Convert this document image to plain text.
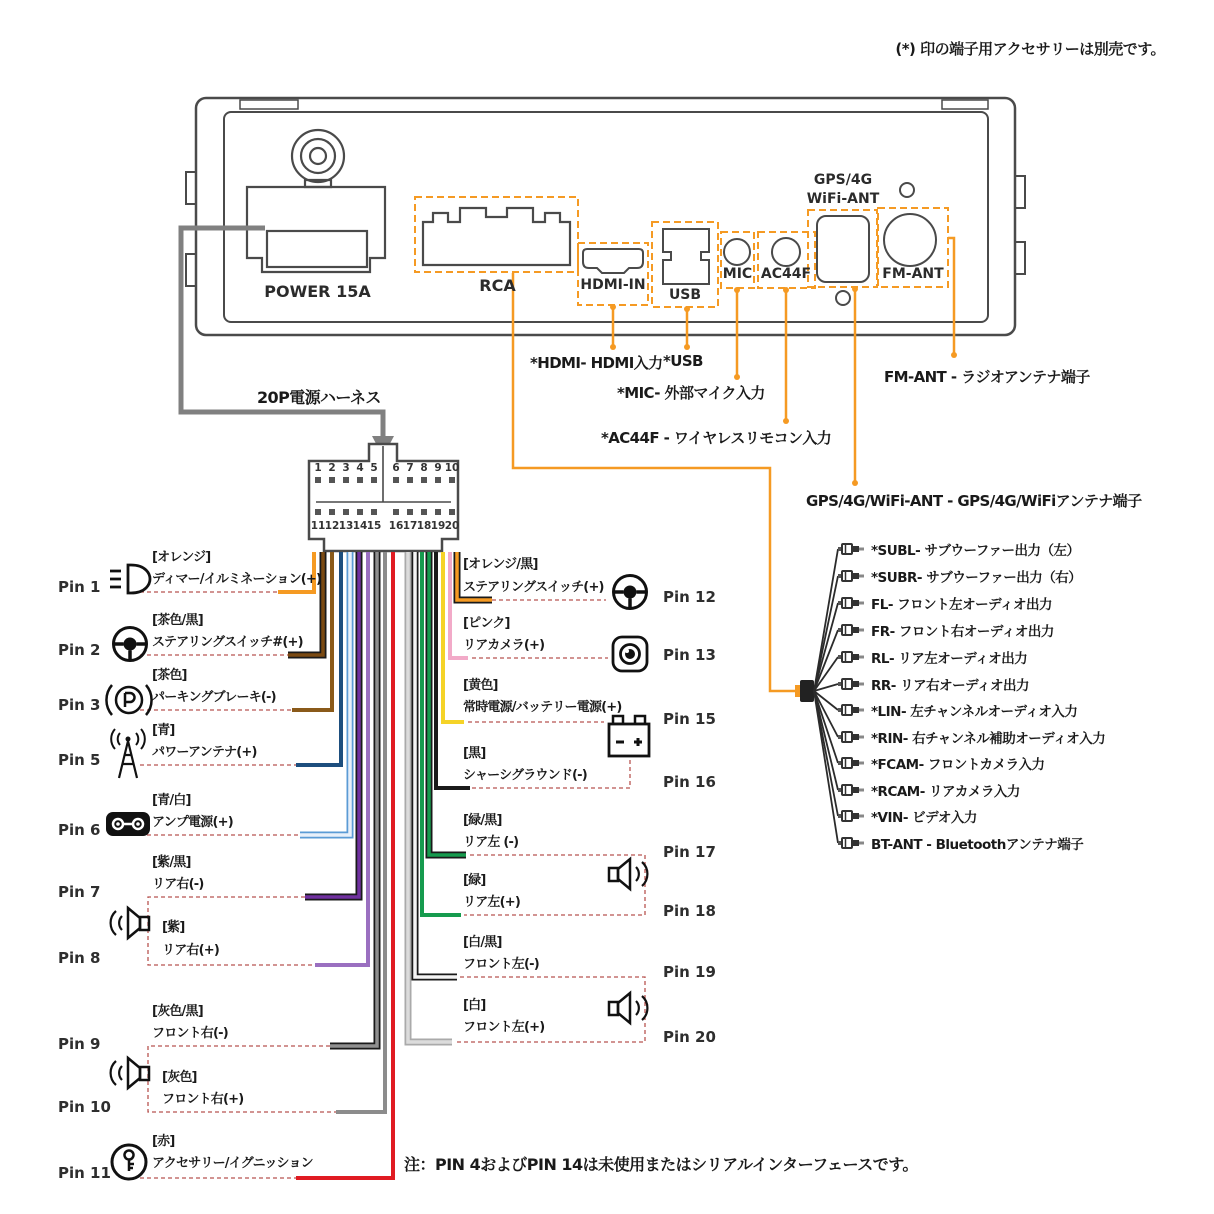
(*) 印の端子用アクセサリーは別売です。
注：PIN 4およびPIN 14は未使用またはシリアルインターフェースです。
POWER 15A	RCA	HDMI-IN
USB
MIC AC44F
GPS/4G
WiFi-ANT
FM-ANT
*HDMI- HDMI入力 *USB
*MIC- 外部マイク入力
*AC44F - ワイヤレスリモコン入力
FM-ANT - ラジオアンテナ端子
GPS/4G/WiFi-ANT - GPS/4G/WiFiアンテナ端子
20P電源ハーネス
1
11
2
12
3
13
4
14
5
15
6
16
7
17
8
18
9
19
10
20
Pin 1
[オレンジ]
ディマー/イルミネーション(+)
Pin 2
[茶色/黒]
ステアリングスイッチ#(+)
Pin 3
[茶色]
パーキングブレーキ(-)
Pin 5
[青]
パワーアンテナ(+)
Pin 6
[青/白]
アンプ電源(+)
Pin 7
[紫/黒]
リア右(-)
Pin 8
[紫]
リア右(+)
Pin 9
[灰色/黒]
フロント右(-)
Pin 10
[灰色]
フロント右(+)
Pin 11
[赤]
アクセサリー/イグニッション
[オレンジ/黒]
ステアリングスイッチ(+)
Pin 12
[ピンク]
リアカメラ(+)
Pin 13
[黄色]
常時電源/バッテリー電源(+)
Pin 15
[黒]
シャーシグラウンド(-)	Pin 16
[緑/黒]
リア左 (-)
Pin 17
[緑]
リア左(+)	Pin 18
[白/黒]
フロント左(-)	Pin 19
[白]
フロント左(+)
Pin 20
*SUBL- サブウーファー出力（左）
*SUBR- サブウーファー出力（右）
FL- フロント左オーディオ出力
FR- フロント右オーディオ出力
RL- リア左オーディオ出力
RR- リア右オーディオ出力
*LIN- 左チャンネルオーディオ入力
*RIN- 右チャンネル補助オーディオ入力
*FCAM- フロントカメラ入力
*RCAM- リアカメラ入力
*VIN- ビデオ入力
BT-ANT - Bluetoothアンテナ端子
